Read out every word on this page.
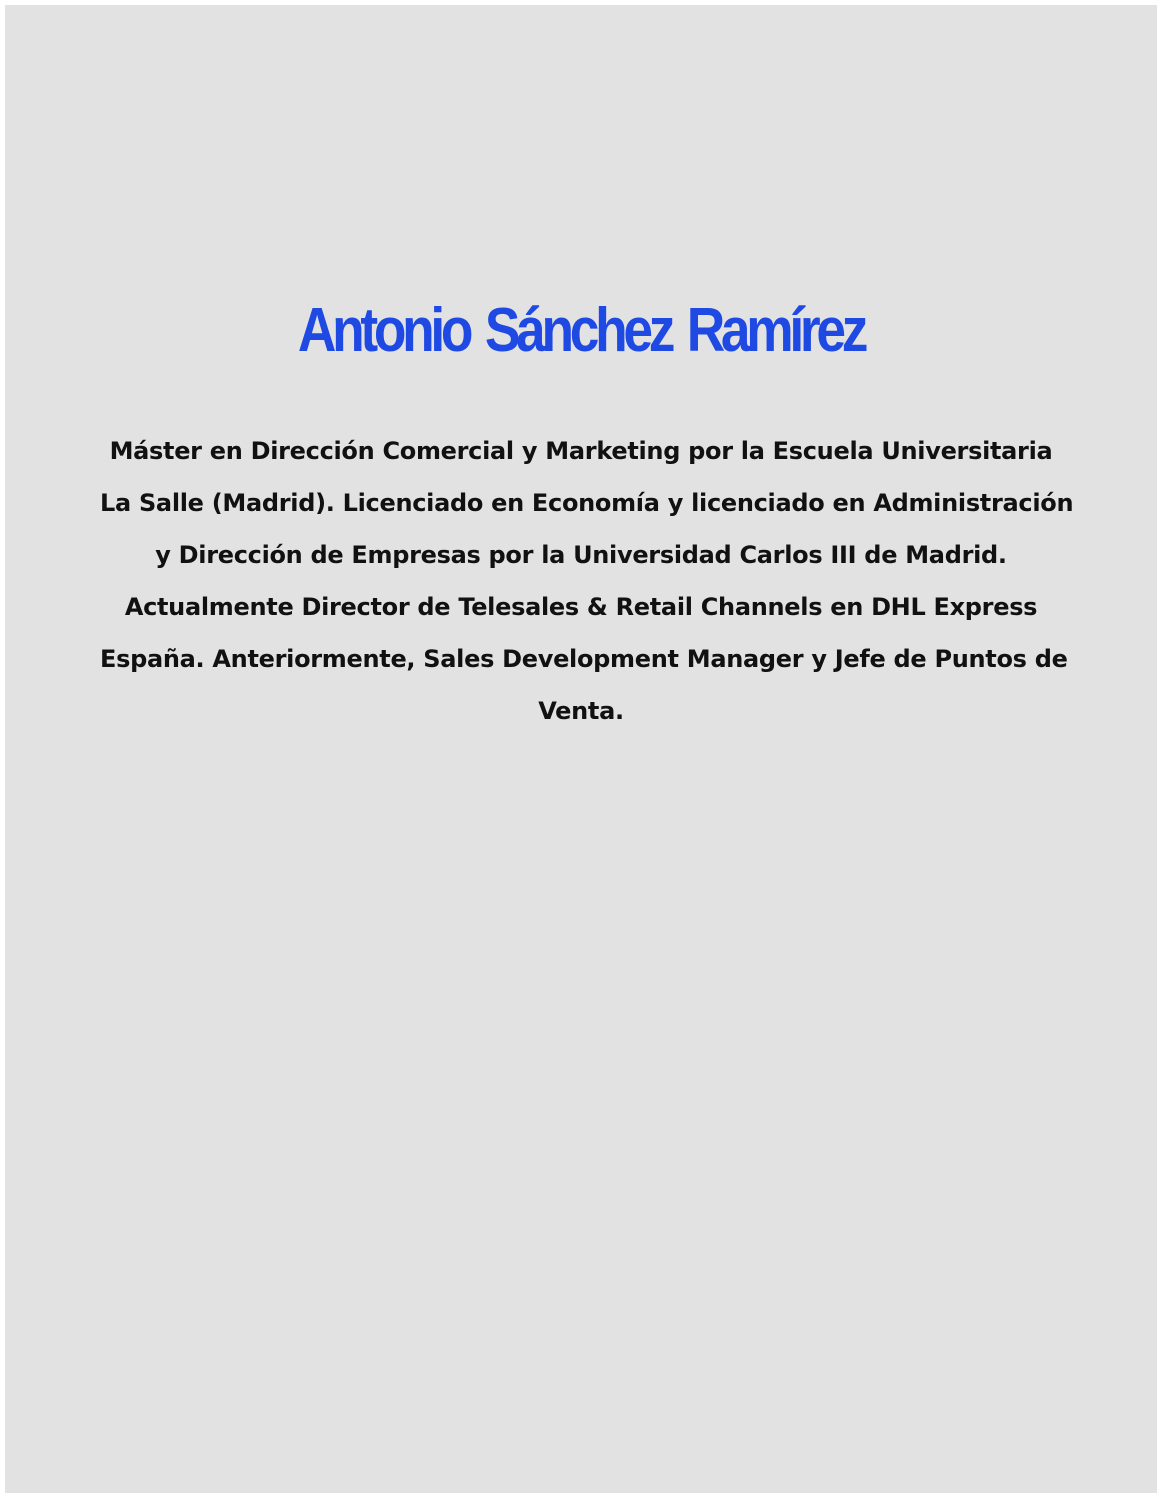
Antonio Sánchez Ramírez

Máster en Dirección Comercial y Marketing por la Escuela Universitaria
La Salle (Madrid). Licenciado en Economía y licenciado en Administración
y Dirección de Empresas por la Universidad Carlos III de Madrid.
Actualmente Director de Telesales & Retail Channels en DHL Express
España. Anteriormente, Sales Development Manager y Jefe de Puntos de
Venta.
